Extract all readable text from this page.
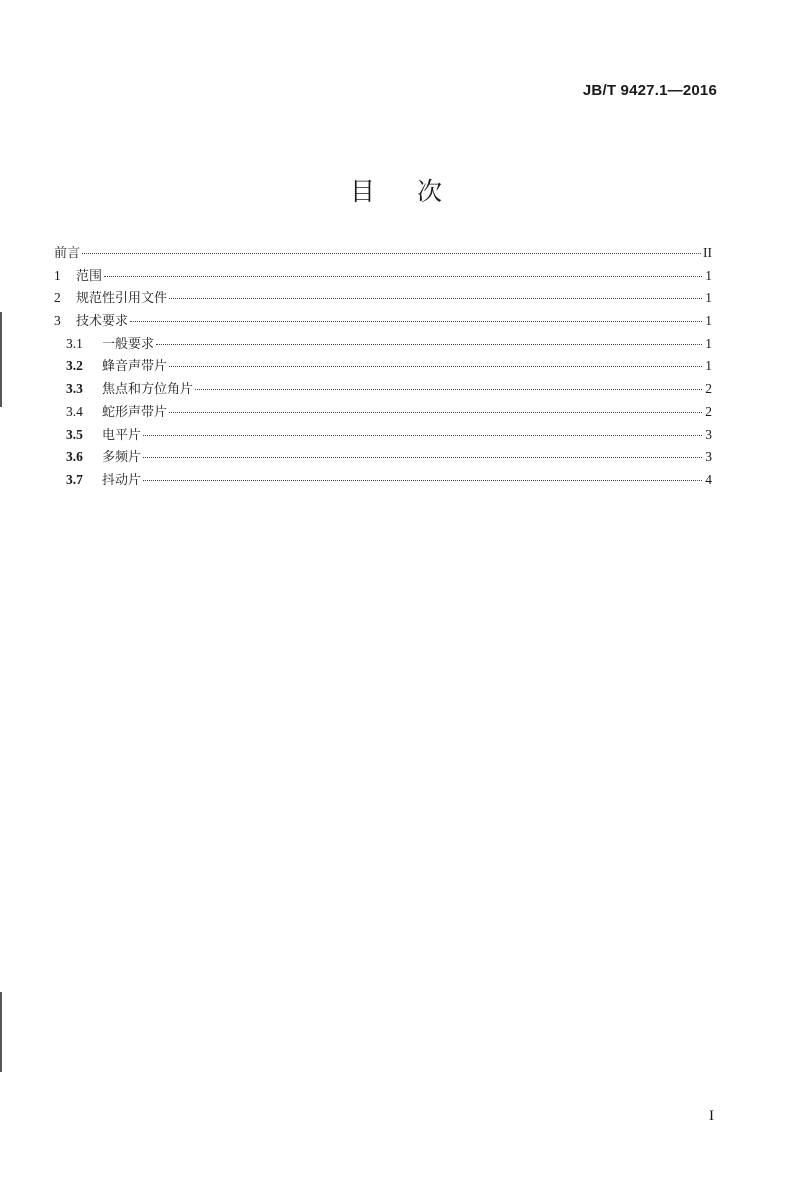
JB/T 9427.1—2016
目 次
前言	II
1	范围	1
2	规范性引用文件	1
3	技术要求	1
3.1	一般要求	1
3.2	蜂音声带片	1
3.3	焦点和方位角片	2
3.4	蛇形声带片	2
3.5	电平片	3
3.6	多频片	3
3.7	抖动片	4
I
